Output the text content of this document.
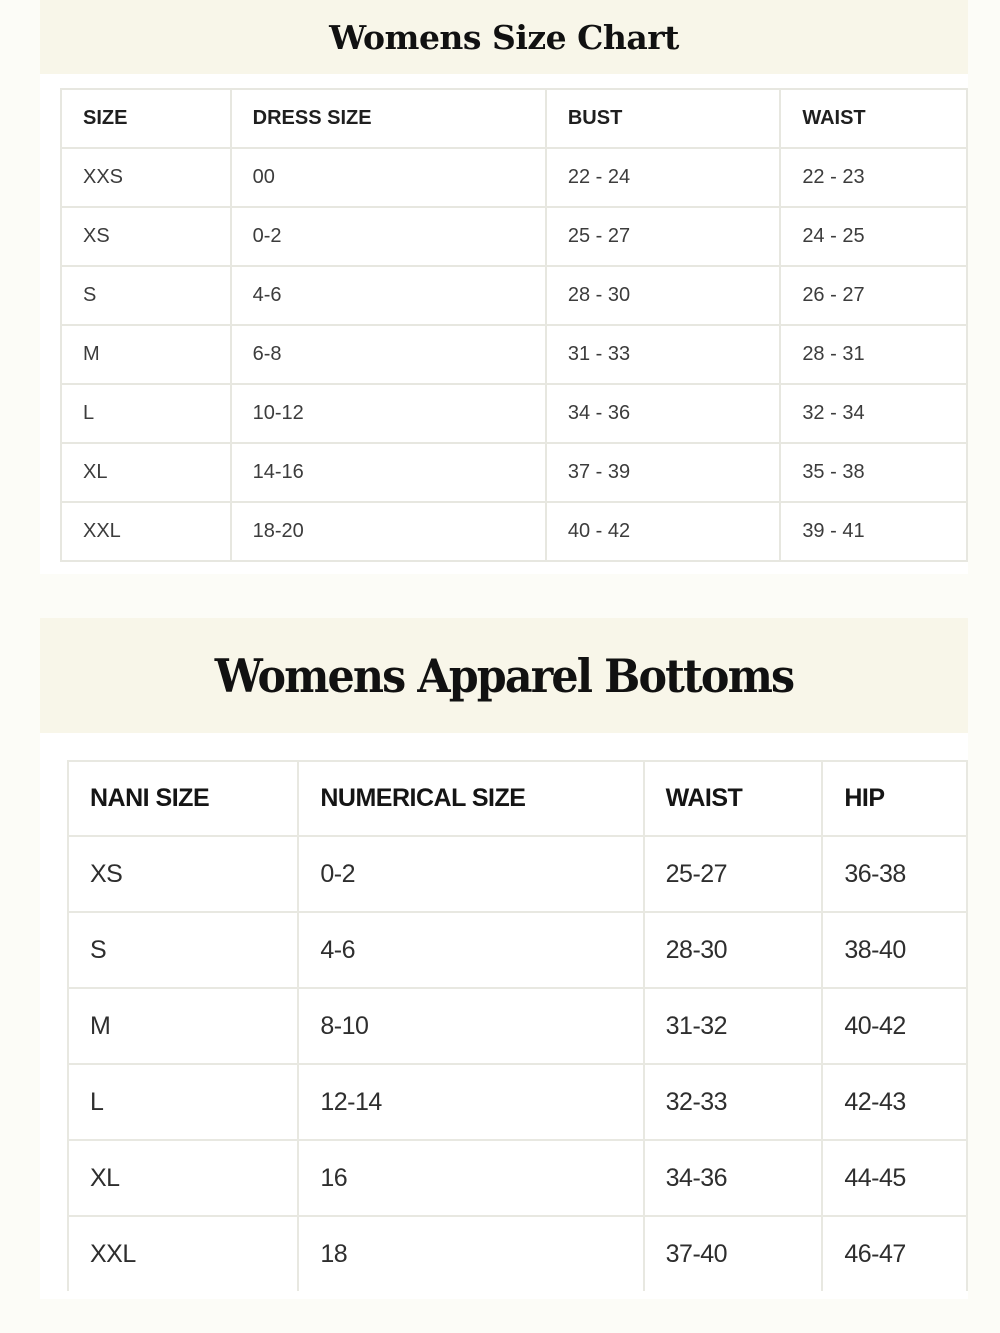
Womens Size Chart
SIZE	DRESS SIZE	BUST	WAIST
XXS	00	22 - 24	22 - 23
XS	0-2	25 - 27	24 - 25
S	4-6	28 - 30	26 - 27
M	6-8	31 - 33	28 - 31
L	10-12	34 - 36	32 - 34
XL	14-16	37 - 39	35 - 38
XXL	18-20	40 - 42	39 - 41
Womens Apparel Bottoms
NANI SIZE	NUMERICAL SIZE	WAIST	HIP
XS	0-2	25-27	36-38
S	4-6	28-30	38-40
M	8-10	31-32	40-42
L	12-14	32-33	42-43
XL	16	34-36	44-45
XXL	18	37-40	46-47
